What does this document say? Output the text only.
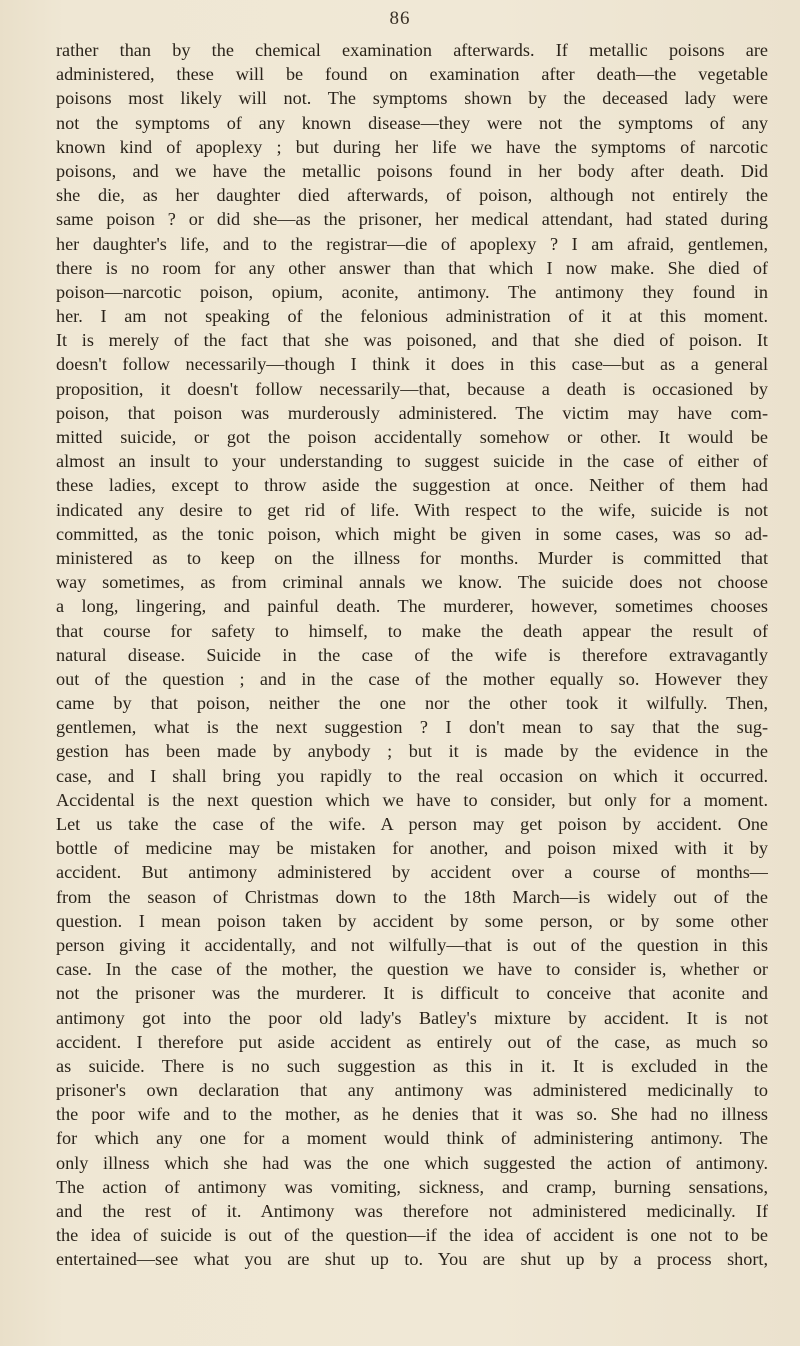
86
rather than by the chemical examination afterwards. If metallic poisons are
administered, these will be found on examination after death—the vegetable
poisons most likely will not. The symptoms shown by the deceased lady were
not the symptoms of any known disease—they were not the symptoms of any
known kind of apoplexy ; but during her life we have the symptoms of narcotic
poisons, and we have the metallic poisons found in her body after death. Did
she die, as her daughter died afterwards, of poison, although not entirely the
same poison ? or did she—as the prisoner, her medical attendant, had stated during
her daughter's life, and to the registrar—die of apoplexy ? I am afraid, gentlemen,
there is no room for any other answer than that which I now make. She died of
poison—narcotic poison, opium, aconite, antimony. The antimony they found in
her. I am not speaking of the felonious administration of it at this moment.
It is merely of the fact that she was poisoned, and that she died of poison. It
doesn't follow necessarily—though I think it does in this case—but as a general
proposition, it doesn't follow necessarily—that, because a death is occasioned by
poison, that poison was murderously administered. The victim may have com-
mitted suicide, or got the poison accidentally somehow or other. It would be
almost an insult to your understanding to suggest suicide in the case of either of
these ladies, except to throw aside the suggestion at once. Neither of them had
indicated any desire to get rid of life. With respect to the wife, suicide is not
committed, as the tonic poison, which might be given in some cases, was so ad-
ministered as to keep on the illness for months. Murder is committed that
way sometimes, as from criminal annals we know. The suicide does not choose
a long, lingering, and painful death. The murderer, however, sometimes chooses
that course for safety to himself, to make the death appear the result of
natural disease. Suicide in the case of the wife is therefore extravagantly
out of the question ; and in the case of the mother equally so. However they
came by that poison, neither the one nor the other took it wilfully. Then,
gentlemen, what is the next suggestion ? I don't mean to say that the sug-
gestion has been made by anybody ; but it is made by the evidence in the
case, and I shall bring you rapidly to the real occasion on which it occurred.
Accidental is the next question which we have to consider, but only for a moment.
Let us take the case of the wife. A person may get poison by accident. One
bottle of medicine may be mistaken for another, and poison mixed with it by
accident. But antimony administered by accident over a course of months—
from the season of Christmas down to the 18th March—is widely out of the
question. I mean poison taken by accident by some person, or by some other
person giving it accidentally, and not wilfully—that is out of the question in this
case. In the case of the mother, the question we have to consider is, whether or
not the prisoner was the murderer. It is difficult to conceive that aconite and
antimony got into the poor old lady's Batley's mixture by accident. It is not
accident. I therefore put aside accident as entirely out of the case, as much so
as suicide. There is no such suggestion as this in it. It is excluded in the
prisoner's own declaration that any antimony was administered medicinally to
the poor wife and to the mother, as he denies that it was so. She had no illness
for which any one for a moment would think of administering antimony. The
only illness which she had was the one which suggested the action of antimony.
The action of antimony was vomiting, sickness, and cramp, burning sensations,
and the rest of it. Antimony was therefore not administered medicinally. If
the idea of suicide is out of the question—if the idea of accident is one not to be
entertained—see what you are shut up to. You are shut up by a process short,
